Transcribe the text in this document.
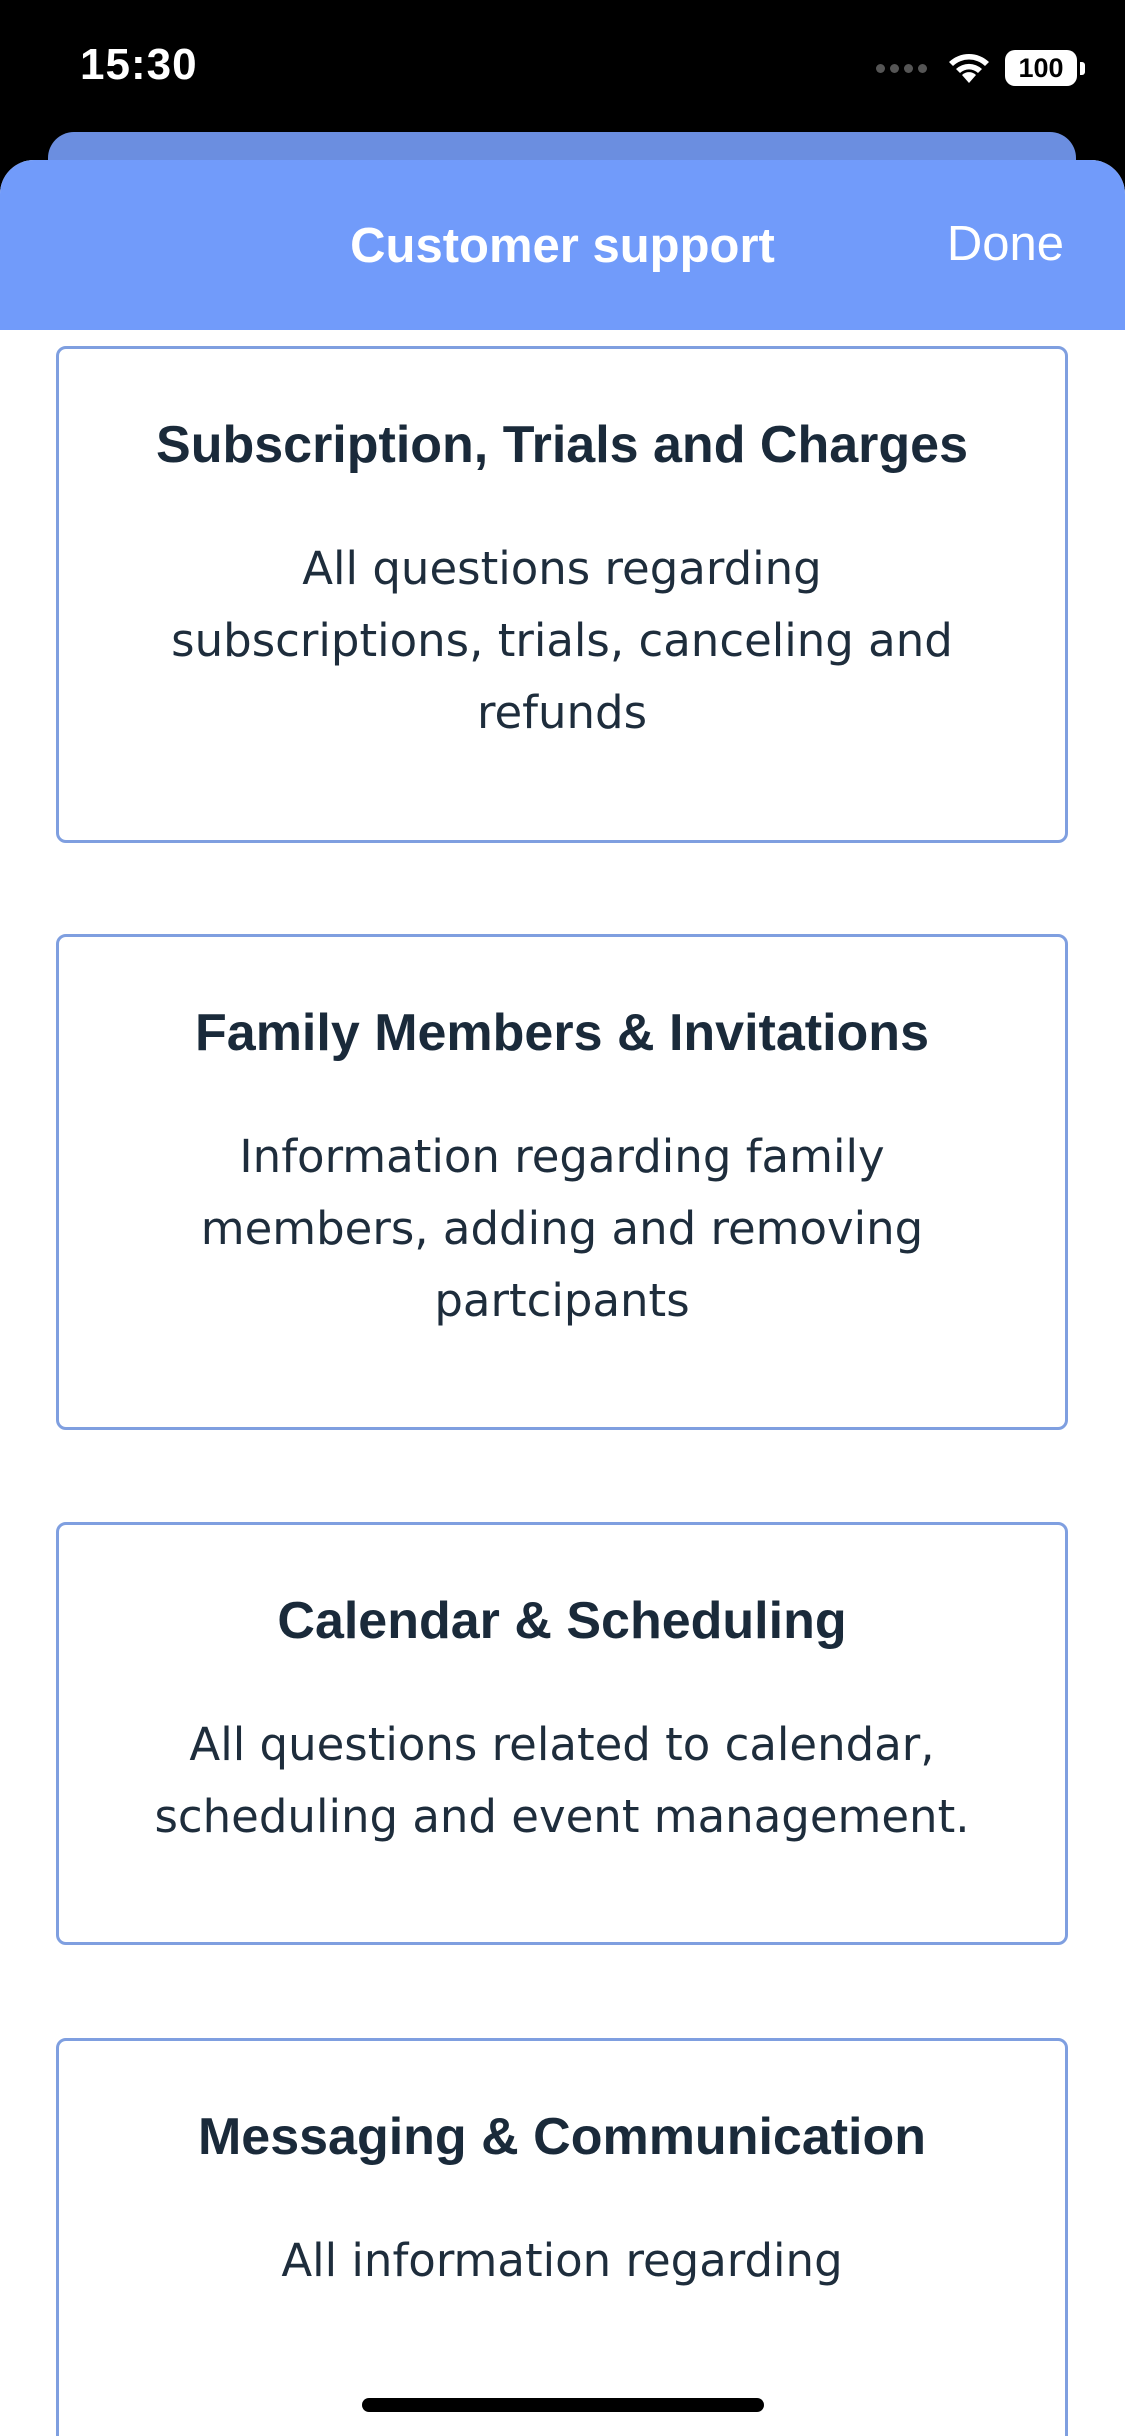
15:30	100
Customer support	Done
Subscription, Trials and Charges

All questions regarding subscriptions, trials, canceling and refunds

Family Members & Invitations

Information regarding family members, adding and removing partcipants

Calendar & Scheduling

All questions related to calendar, scheduling and event management.

Messaging & Communication

All information regarding
